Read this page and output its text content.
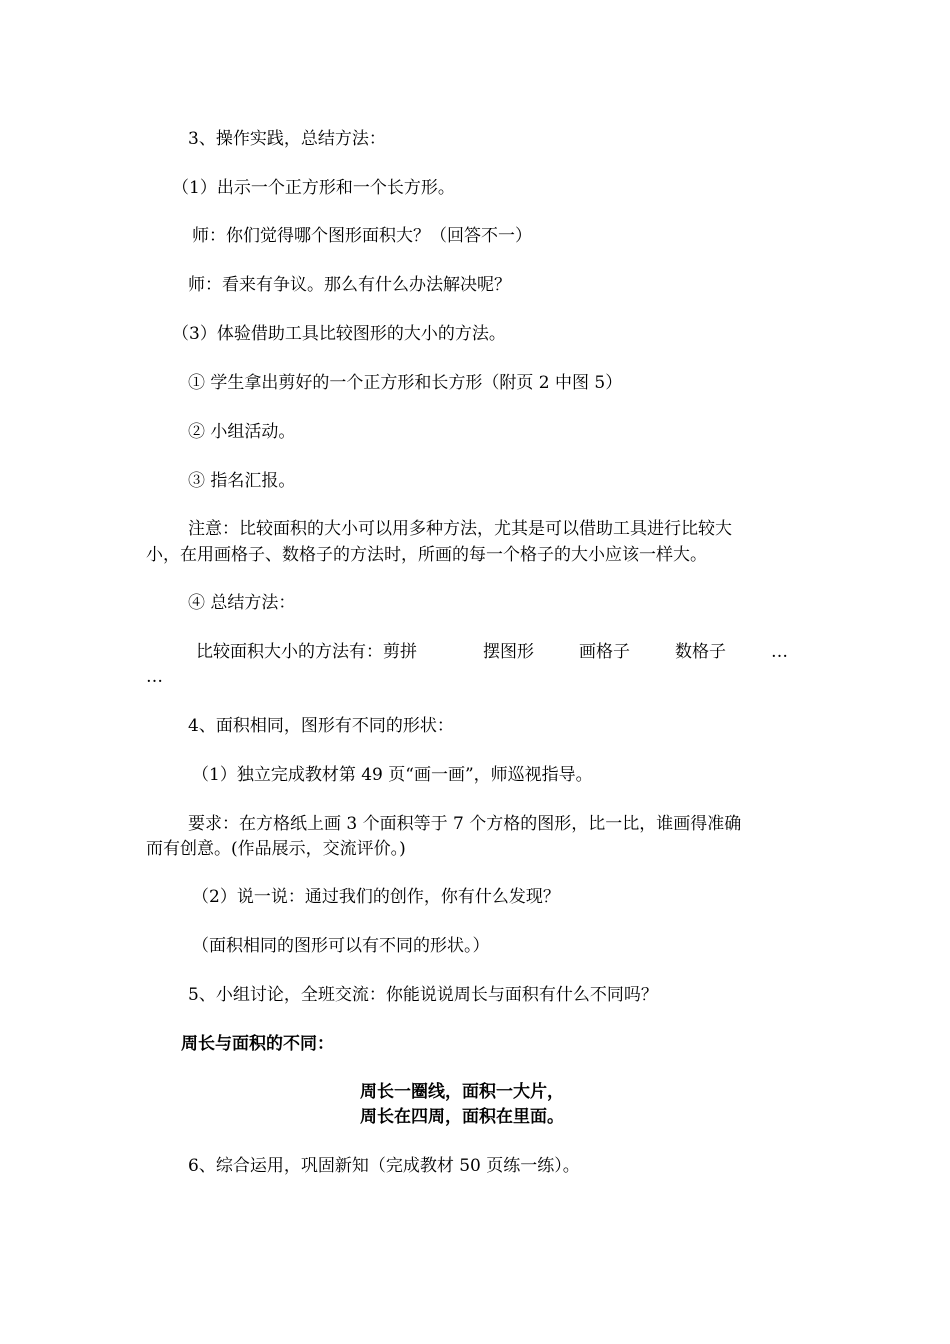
3、操作实践，总结方法：
（1）出示一个正方形和一个长方形。
师：你们觉得哪个图形面积大？（回答不一）
师：看来有争议。那么有什么办法解决呢？
（3）体验借助工具比较图形的大小的方法。
① 学生拿出剪好的一个正方形和长方形（附页 2 中图 5）
② 小组活动。
③ 指名汇报。
注意：比较面积的大小可以用多种方法，尤其是可以借助工具进行比较大
小，在用画格子、数格子的方法时，所画的每一个格子的大小应该一样大。
④ 总结方法：
比较面积大小的方法有：剪拼	摆图形	画格子	数格子	…
…
4、面积相同，图形有不同的形状：
（1）独立完成教材第 49 页“画一画”，师巡视指导。
要求：在方格纸上画 3 个面积等于 7 个方格的图形，比一比，谁画得准确
而有创意。(作品展示，交流评价。)
（2）说一说：通过我们的创作，你有什么发现？
（面积相同的图形可以有不同的形状。）
5、小组讨论，全班交流：你能说说周长与面积有什么不同吗？
周长与面积的不同：
周长一圈线，面积一大片，
周长在四周，面积在里面。
6、综合运用，巩固新知（完成教材 50 页练一练）。
